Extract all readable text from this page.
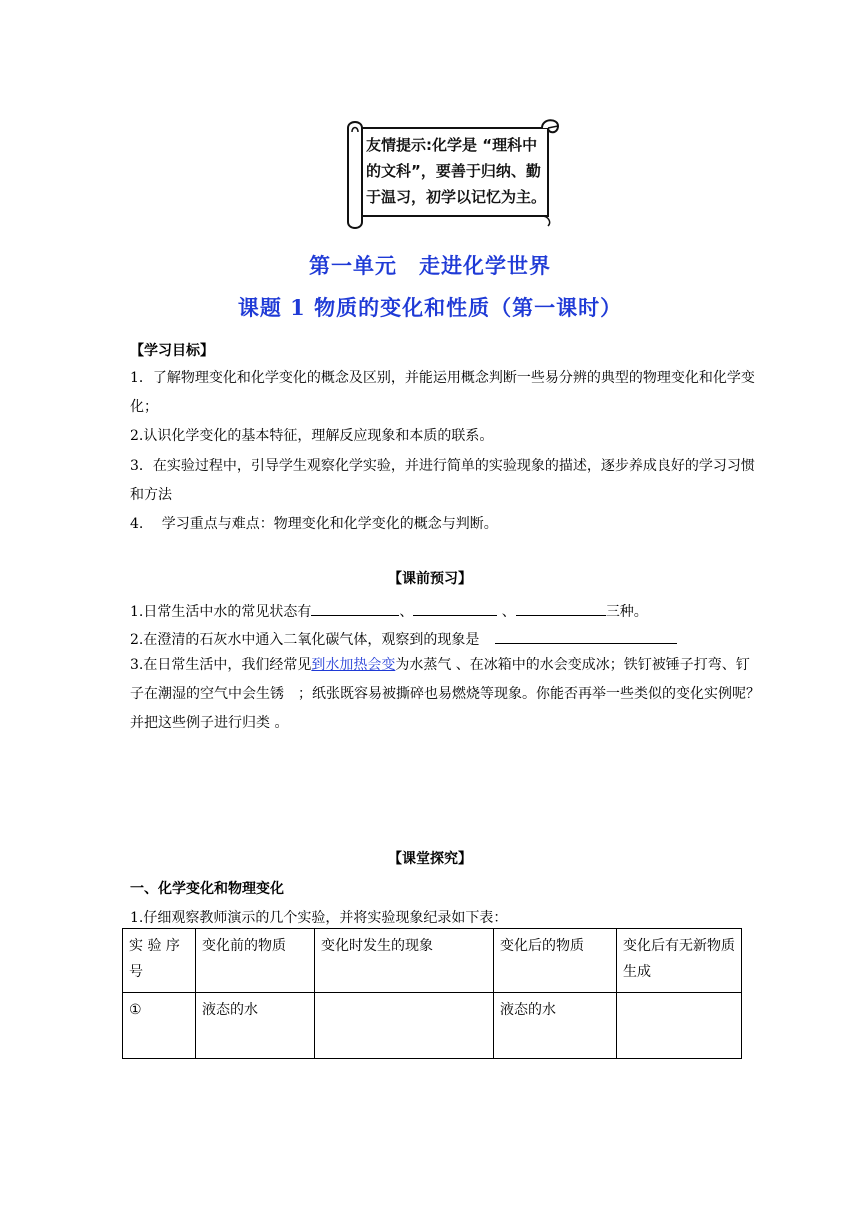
友情提示:化学是 “理科中的文科”，要善于归纳、勤于温习，初学以记忆为主。
第一单元　走进化学世界
课题 1 物质的变化和性质（第一课时）
【学习目标】
1．了解物理变化和化学变化的概念及区别，并能运用概念判断一些易分辨的典型的物理变化和化学变化；
2.认识化学变化的基本特征，理解反应现象和本质的联系。
3．在实验过程中，引导学生观察化学实验，并进行简单的实验现象的描述，逐步养成良好的学习习惯和方法
4.　 学习重点与难点：物理变化和化学变化的概念与判断。
【课前预习】
1.日常生活中水的常见状态有	、	、	三种。
2.在澄清的石灰水中通入二氧化碳气体，观察到的现象是
3.在日常生活中，我们经常见到水加热会变为水蒸气 、在冰箱中的水会变成冰；铁钉被锤子打弯、钉子在潮湿的空气中会生锈　；纸张既容易被撕碎也易燃烧等现象。你能否再举一些类似的变化实例呢？并把这些例子进行归类 。
【课堂探究】
一、化学变化和物理变化
1.仔细观察教师演示的几个实验，并将实验现象纪录如下表：
实 验 序号	变化前的物质	变化时发生的现象	变化后的物质	变化后有无新物质生成
①	液态的水		液态的水	
